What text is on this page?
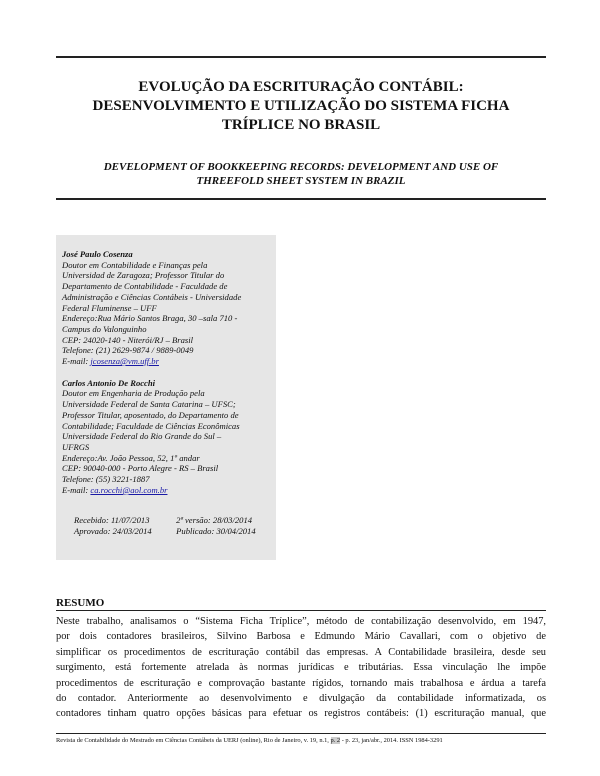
EVOLUÇÃO DA ESCRITURAÇÃO CONTÁBIL:
DESENVOLVIMENTO E UTILIZAÇÃO DO SISTEMA FICHA
TRÍPLICE NO BRASIL
DEVELOPMENT OF BOOKKEEPING RECORDS: DEVELOPMENT AND USE OF
THREEFOLD SHEET SYSTEM IN BRAZIL
José Paulo Cosenza
Doutor em Contabilidade e Finanças pela
Universidad de Zaragoza; Professor Titular do
Departamento de Contabilidade - Faculdade de
Administração e Ciências Contábeis - Universidade
Federal Fluminense – UFF
Endereço:Rua Mário Santos Braga, 30 –sala 710 -
Campus do Valonguinho
CEP: 24020-140 - Niterói/RJ – Brasil
Telefone: (21) 2629-9874 / 9889-0049
E-mail: jcosenza@vm.uff.br
Carlos Antonio De Rocchi
Doutor em Engenharia de Produção pela
Universidade Federal de Santa Catarina – UFSC;
Professor Titular, aposentado, do Departamento de
Contabilidade; Faculdade de Ciências Econômicas
Universidade Federal do Rio Grande do Sul –
UFRGS
Endereço:Av. João Pessoa, 52, 1º andar
CEP: 90040-000 - Porto Alegre - RS – Brasil
Telefone: (55) 3221-1887
E-mail: ca.rocchi@aol.com.br
Recebido: 11/07/2013	2ª versão: 28/03/2014
Aprovado: 24/03/2014	Publicado: 30/04/2014
RESUMO
Neste trabalho, analisamos o “Sistema Ficha Tríplice”, método de contabilização desenvolvido, em 1947,
por dois contadores brasileiros, Silvino Barbosa e Edmundo Mário Cavallari, com o objetivo de
simplificar os procedimentos de escrituração contábil das empresas. A Contabilidade brasileira, desde seu
surgimento, está fortemente atrelada às normas jurídicas e tributárias. Essa vinculação lhe impõe
procedimentos de escrituração e comprovação bastante rígidos, tornando mais trabalhosa e árdua a tarefa
do contador. Anteriormente ao desenvolvimento e divulgação da contabilidade informatizada, os
contadores tinham quatro opções básicas para efetuar os registros contábeis: (1) escrituração manual, que
Revista de Contabilidade do Mestrado em Ciências Contábeis da UERJ (online), Rio de Janeiro, v. 19, n.1, p. 2 - p. 23, jan/abr., 2014. ISSN 1984-3291
